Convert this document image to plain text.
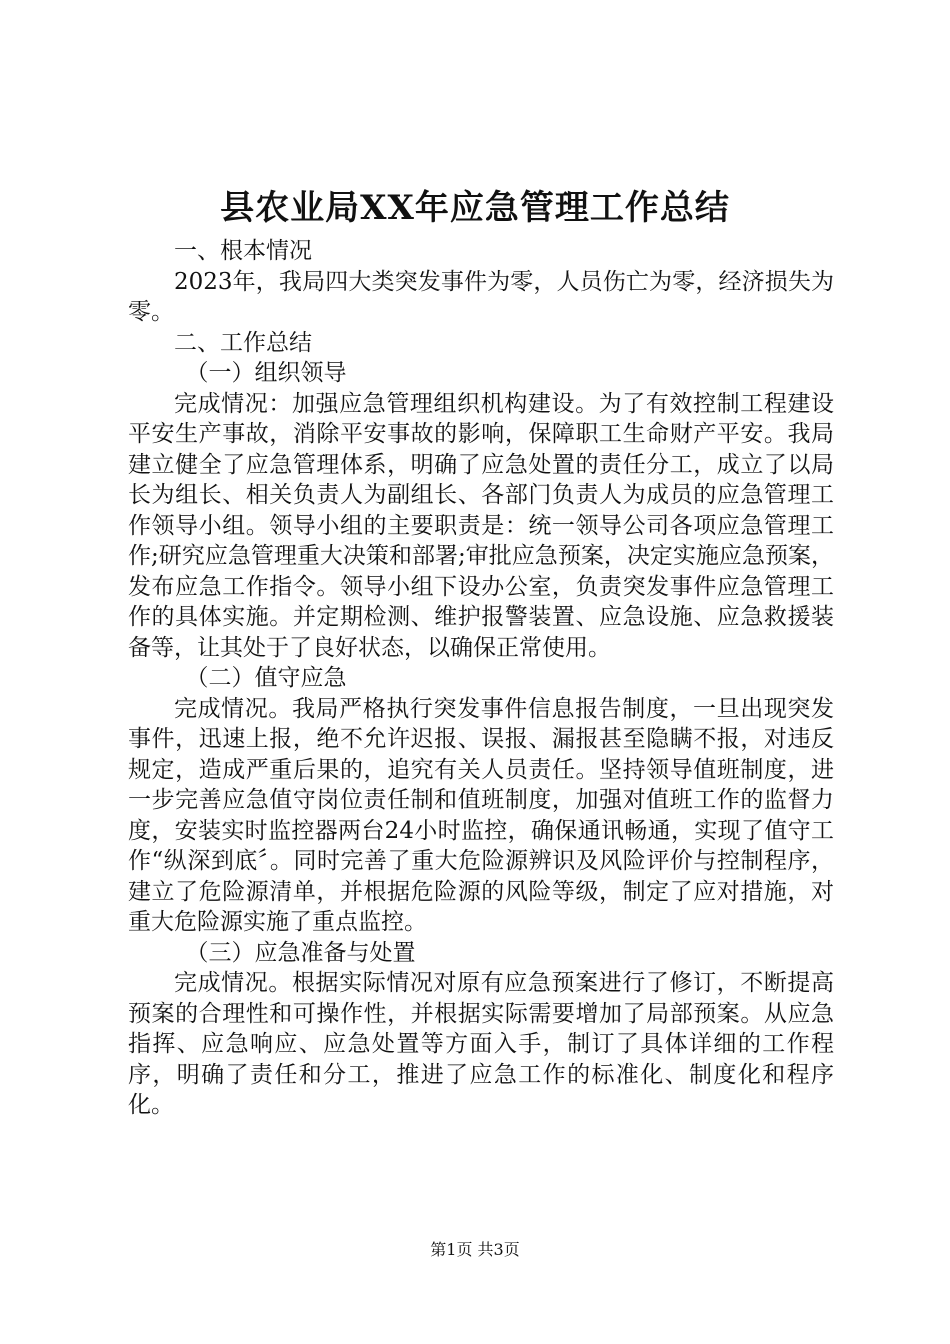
县农业局XX年应急管理工作总结

一、根本情况

2023年，我局四大类突发事件为零，人员伤亡为零，经济损失为零。

二、工作总结

（一）组织领导

完成情况：加强应急管理组织机构建设。为了有效控制工程建设平安生产事故，消除平安事故的影响，保障职工生命财产平安。我局建立健全了应急管理体系，明确了应急处置的责任分工，成立了以局长为组长、相关负责人为副组长、各部门负责人为成员的应急管理工作领导小组。领导小组的主要职责是：统一领导公司各项应急管理工作;研究应急管理重大决策和部署;审批应急预案，决定实施应急预案，发布应急工作指令。领导小组下设办公室，负责突发事件应急管理工作的具体实施。并定期检测、维护报警装置、应急设施、应急救援装备等，让其处于了良好状态，以确保正常使用。

（二）值守应急

完成情况。我局严格执行突发事件信息报告制度，一旦出现突发事件，迅速上报，绝不允许迟报、误报、漏报甚至隐瞒不报，对违反规定，造成严重后果的，追究有关人员责任。坚持领导值班制度，进一步完善应急值守岗位责任制和值班制度，加强对值班工作的监督力度，安装实时监控器两台24小时监控，确保通讯畅通，实现了值守工作“纵深到底〞。同时完善了重大危险源辨识及风险评价与控制程序，建立了危险源清单，并根据危险源的风险等级，制定了应对措施，对重大危险源实施了重点监控。

（三）应急准备与处置

完成情况。根据实际情况对原有应急预案进行了修订，不断提高预案的合理性和可操作性，并根据实际需要增加了局部预案。从应急指挥、应急响应、应急处置等方面入手，制订了具体详细的工作程序，明确了责任和分工，推进了应急工作的标准化、制度化和程序化。

第1页 共3页
